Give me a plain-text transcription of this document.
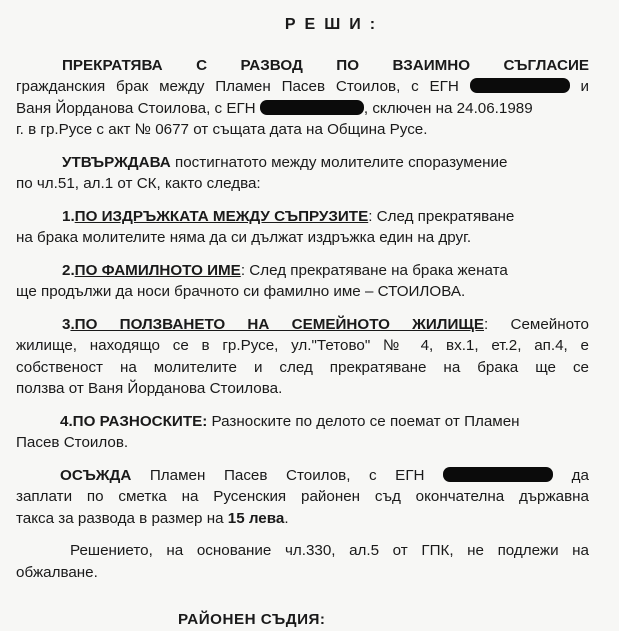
РЕШИ:
ПРЕКРАТЯВА С РАЗВОД ПО ВЗАИМНО СЪГЛАСИЕ
гражданския брак между Пламен Пасев Стоилов, с ЕГН	и
Ваня Йорданова Стоилова, с ЕГН	, сключен на 24.06.1989
г. в гр.Русе с акт № 0677 от същата дата на Община Русе.
УТВЪРЖДАВА постигнатото между молителите споразумение
по чл.51, ал.1 от СК, както следва:
1.ПО ИЗДРЪЖКАТА МЕЖДУ СЪПРУЗИТЕ: След прекратяване
на брака молителите няма да си дължат издръжка един на друг.
2.ПО ФАМИЛНОТО ИМЕ: След прекратяване на брака жената
ще продължи да носи брачното си фамилно име – СТОИЛОВА.
3.ПО ПОЛЗВАНЕТО НА СЕМЕЙНОТО ЖИЛИЩЕ: Семейното
жилище, находящо се в гр.Русе, ул."Тетово" № 4, вх.1, ет.2, ап.4, е
собственост на молителите и след прекратяване на брака ще се
ползва от Ваня Йорданова Стоилова.
4.ПО РАЗНОСКИТЕ: Разноските по делото се поемат от Пламен
Пасев Стоилов.
ОСЪЖДА Пламен Пасев Стоилов, с ЕГН	да
заплати по сметка на Русенския районен съд окончателна държавна
такса за развода в размер на 15 лева.
Решението, на основание чл.330, ал.5 от ГПК, не подлежи на
обжалване.
РАЙОНЕН СЪДИЯ:
